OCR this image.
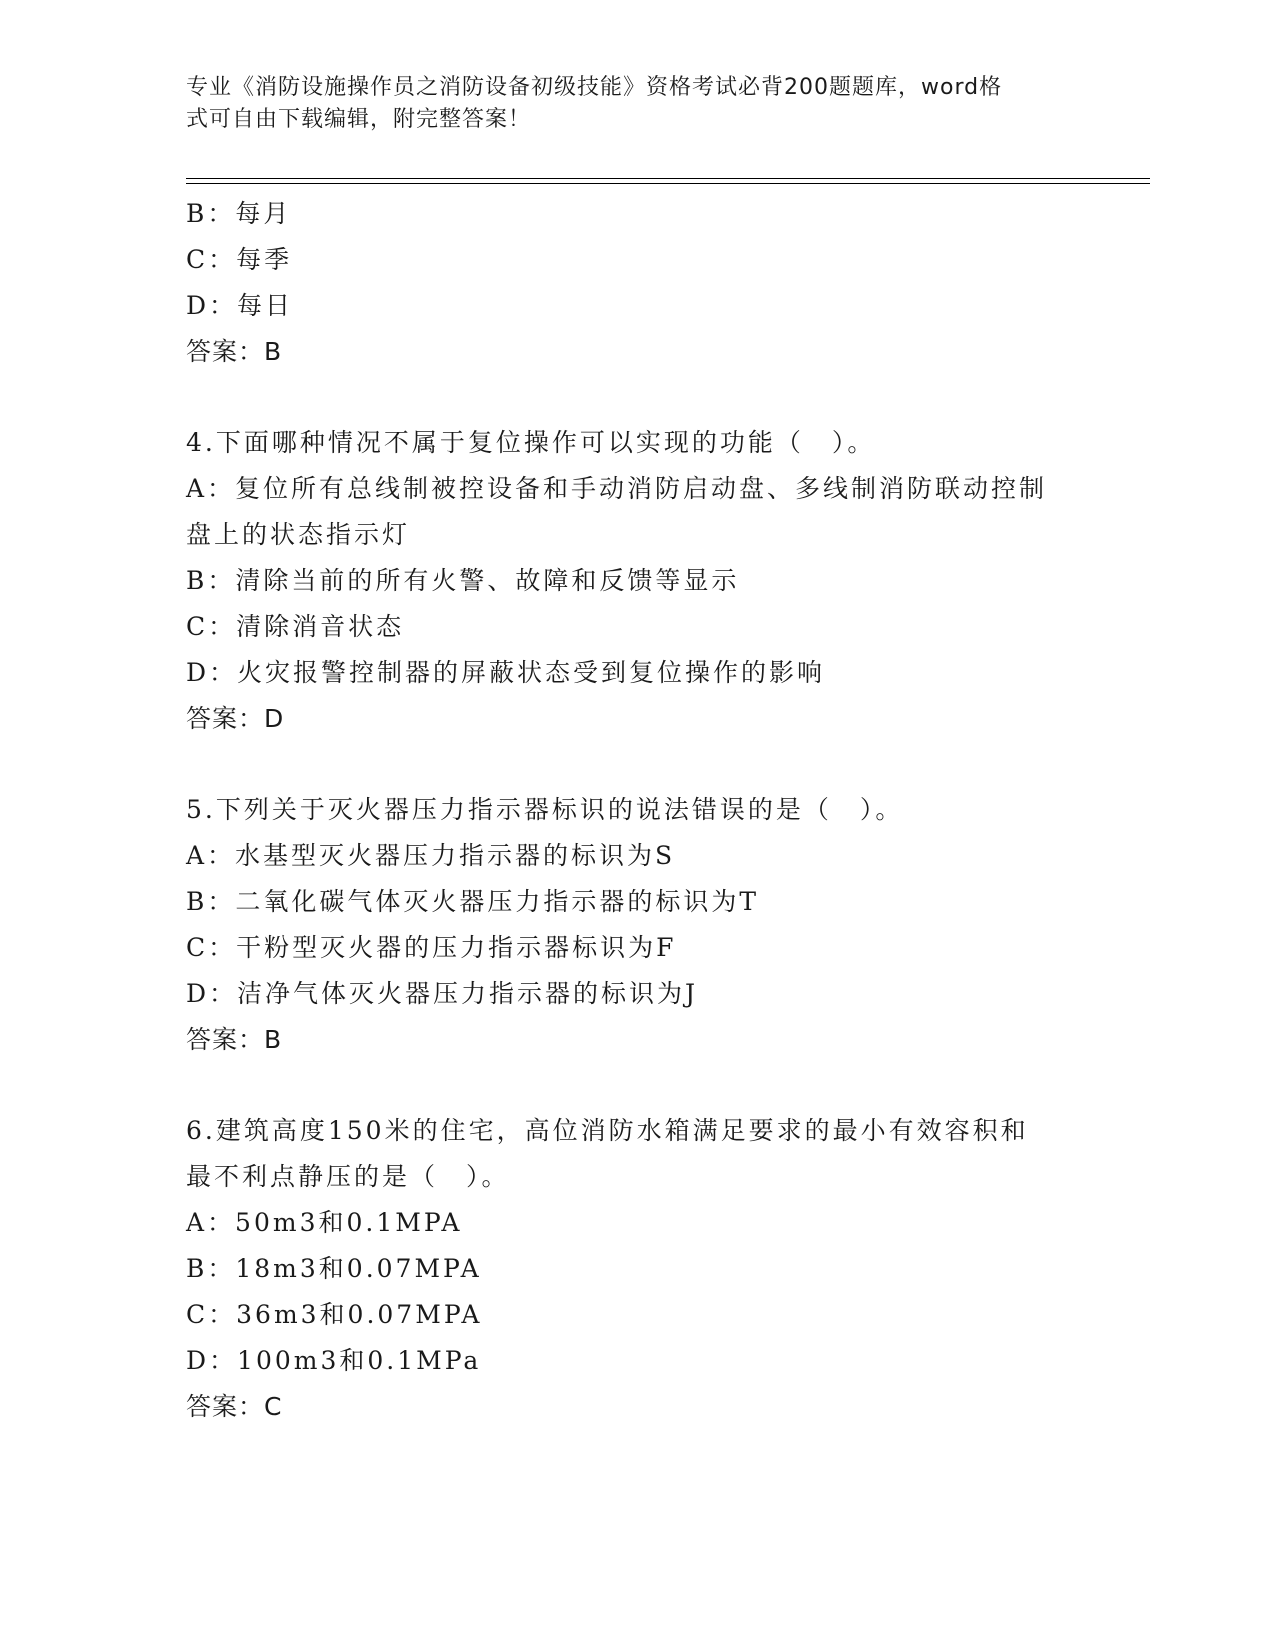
专业《消防设施操作员之消防设备初级技能》资格考试必背200题题库，word格
式可自由下载编辑，附完整答案！
B：每月
C：每季
D：每日
答案：B
4.下面哪种情况不属于复位操作可以实现的功能（　）。
A：复位所有总线制被控设备和手动消防启动盘、多线制消防联动控制
盘上的状态指示灯
B：清除当前的所有火警、故障和反馈等显示
C：清除消音状态
D：火灾报警控制器的屏蔽状态受到复位操作的影响
答案：D
5.下列关于灭火器压力指示器标识的说法错误的是（　）。
A：水基型灭火器压力指示器的标识为S
B：二氧化碳气体灭火器压力指示器的标识为T
C：干粉型灭火器的压力指示器标识为F
D：洁净气体灭火器压力指示器的标识为J
答案：B
6.建筑高度150米的住宅，高位消防水箱满足要求的最小有效容积和
最不利点静压的是（　）。
A：50m3和0.1MPA
B：18m3和0.07MPA
C：36m3和0.07MPA
D：100m3和0.1MPa
答案：C
